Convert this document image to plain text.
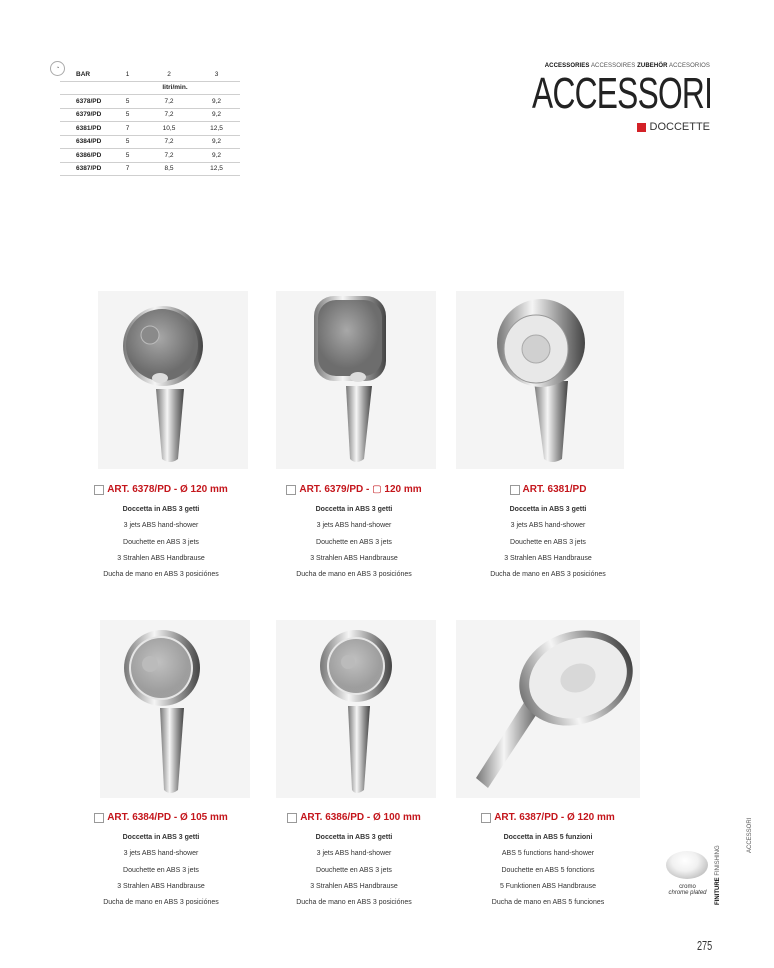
◔
BAR	1	2	3
litri/min.
6378/PD	5	7,2	9,2
6379/PD	5	7,2	9,2
6381/PD	7	10,5	12,5
6384/PD	5	7,2	9,2
6386/PD	5	7,2	9,2
6387/PD	7	8,5	12,5
ACCESSORIES ACCESSOIRES ZUBEHÖR ACCESORIOS
ACCESSORI
DOCCETTE
ART. 6378/PD - Ø 120 mm
Doccetta in ABS 3 getti
3 jets ABS hand-shower
Douchette en ABS 3 jets
3 Strahlen ABS Handbrause
Ducha de mano en ABS 3 posiciónes
ART. 6379/PD - ▢ 120 mm
Doccetta in ABS 3 getti
3 jets ABS hand-shower
Douchette en ABS 3 jets
3 Strahlen ABS Handbrause
Ducha de mano en ABS 3 posiciónes
ART. 6381/PD
Doccetta in ABS 3 getti
3 jets ABS hand-shower
Douchette en ABS 3 jets
3 Strahlen ABS Handbrause
Ducha de mano en ABS 3 posiciónes
ART. 6384/PD - Ø 105 mm
Doccetta in ABS 3 getti
3 jets ABS hand-shower
Douchette en ABS 3 jets
3 Strahlen ABS Handbrause
Ducha de mano en ABS 3 posiciónes
ART. 6386/PD - Ø 100 mm
Doccetta in ABS 3 getti
3 jets ABS hand-shower
Douchette en ABS 3 jets
3 Strahlen ABS Handbrause
Ducha de mano en ABS 3 posiciónes
ART. 6387/PD - Ø 120 mm
Doccetta in ABS 5 funzioni
ABS 5 functions hand-shower
Douchette en ABS 5 fonctions
5 Funktionen ABS Handbrause
Ducha de mano en ABS 5 funciones
ACCESSORI
FINITURE FINISHING
cromo
chrome plated
275
